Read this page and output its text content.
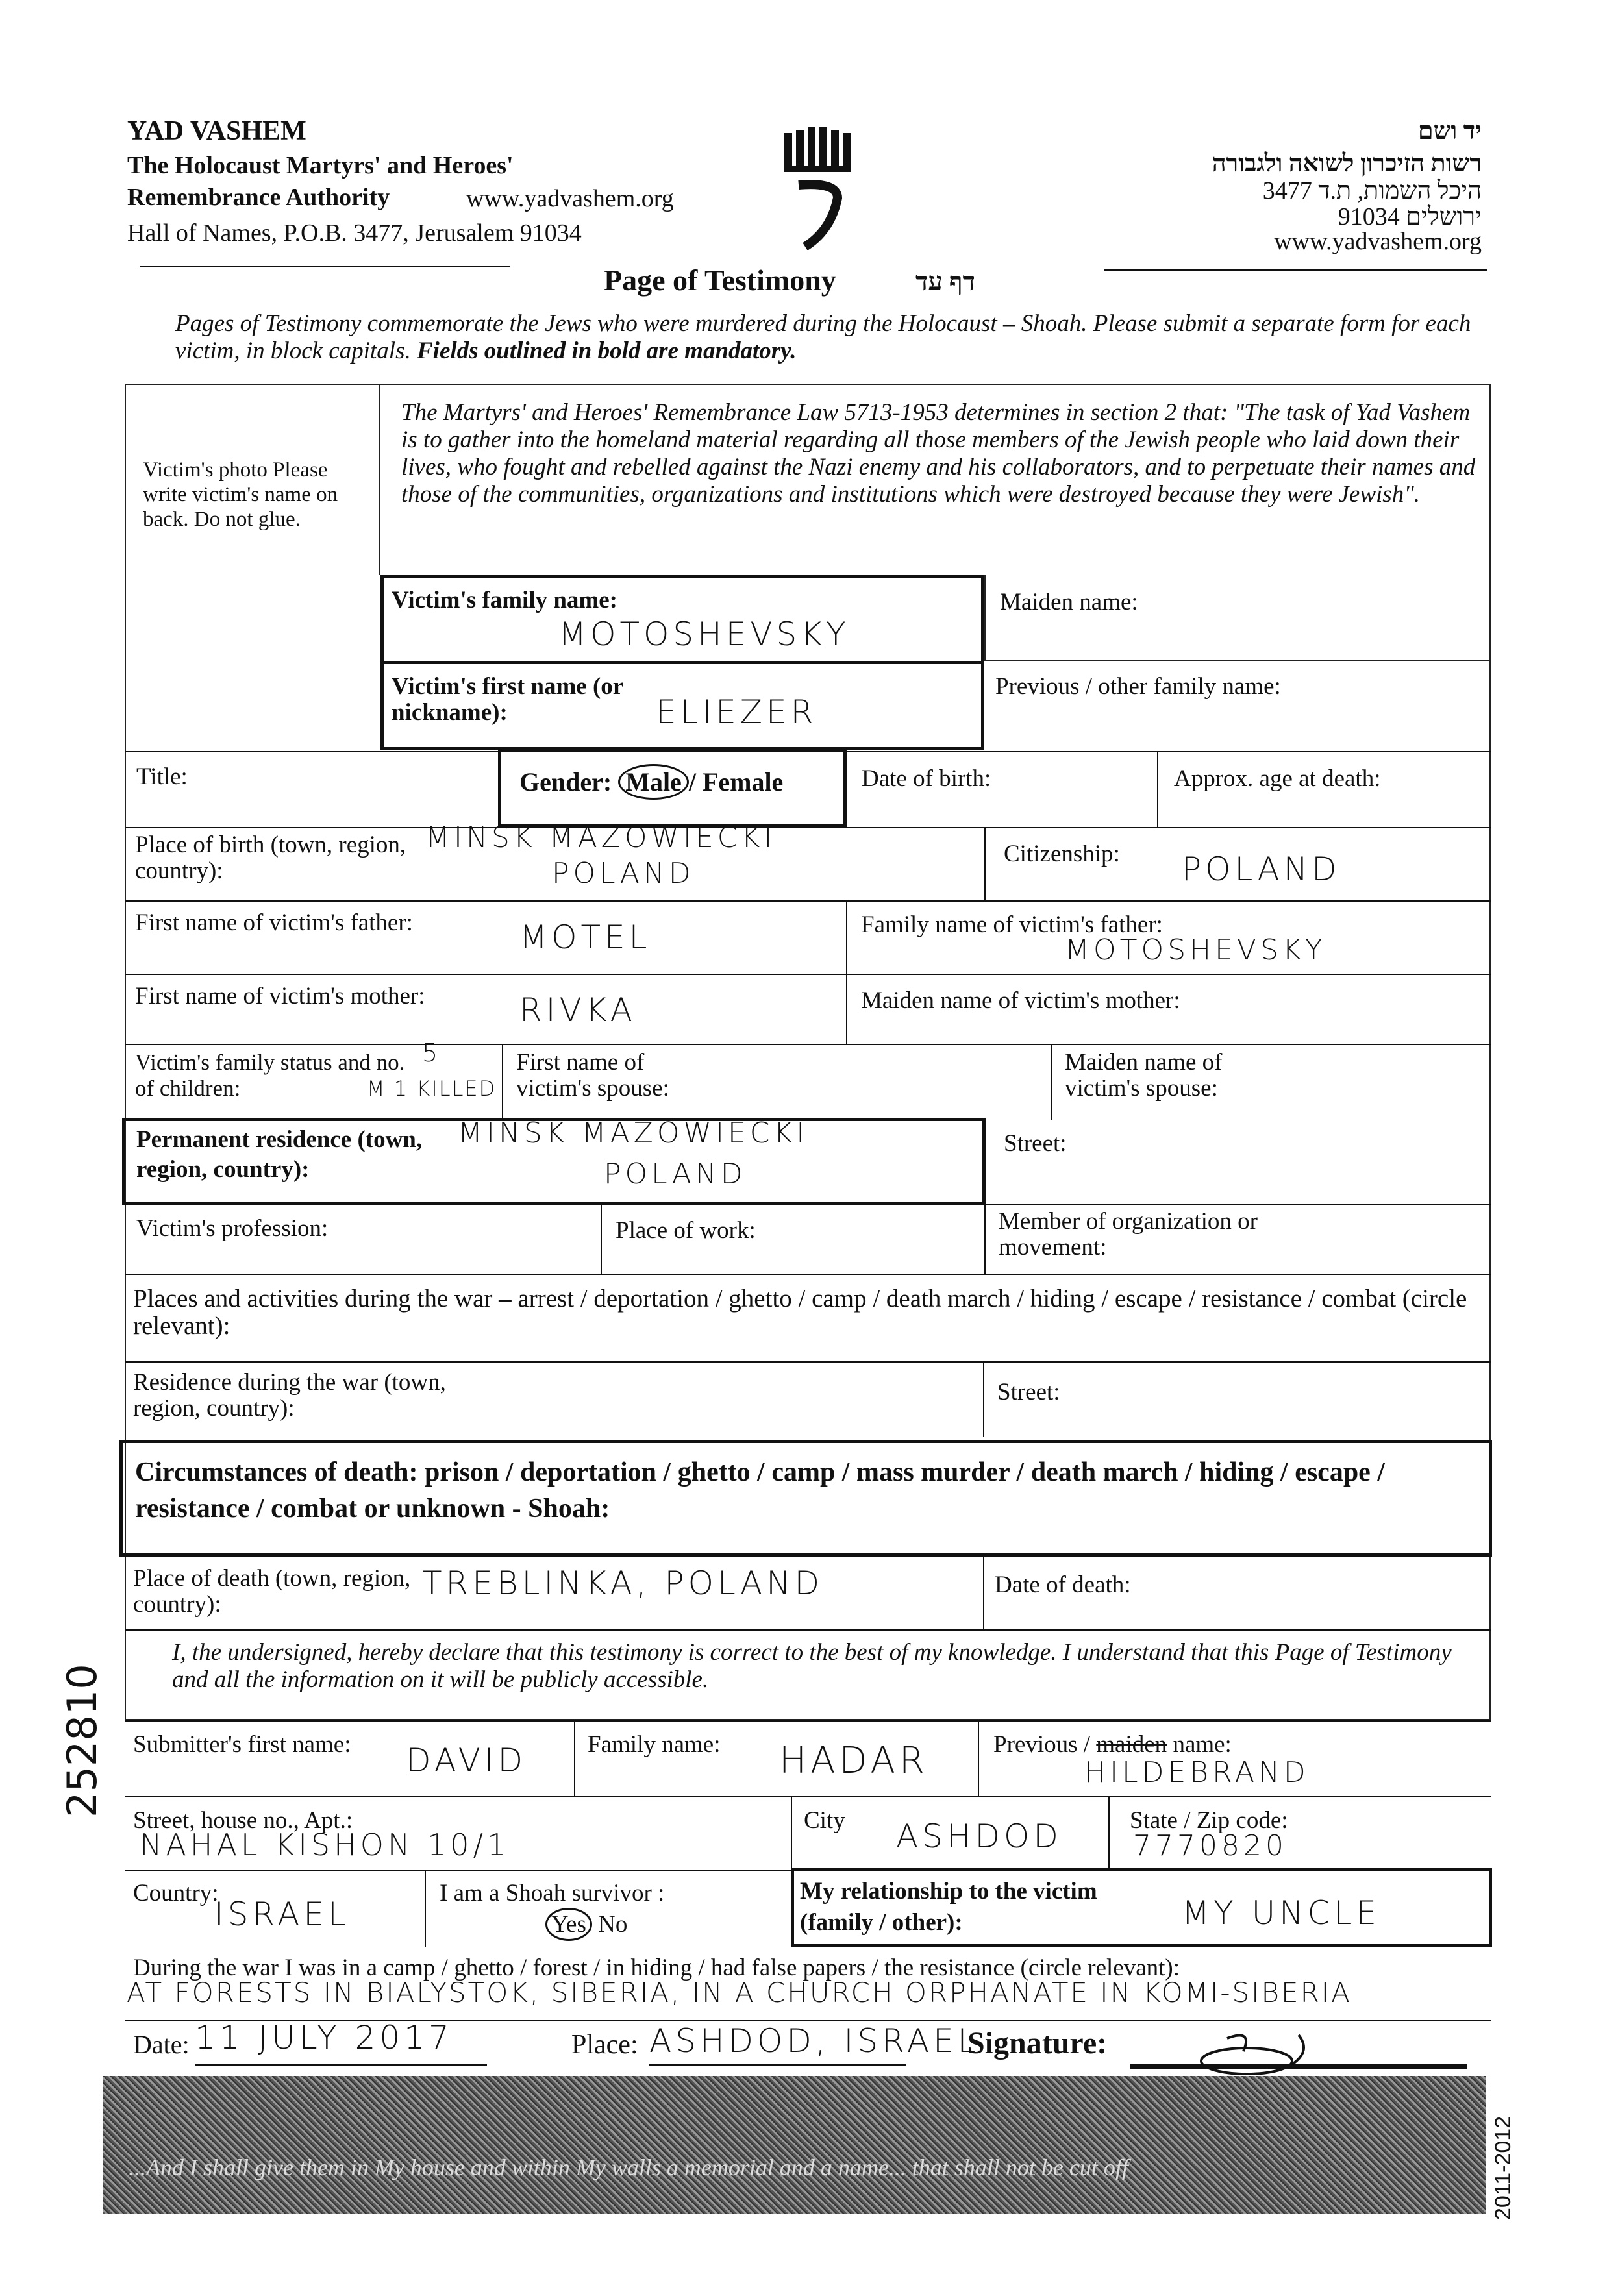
YAD VASHEM
The Holocaust Martyrs' and Heroes'
Remembrance Authority	www.yadvashem.org
Hall of Names, P.O.B. 3477, Jerusalem 91034
יד ושם
רשות הזיכרון לשואה ולגבורה
היכל השמות, ת.ד 3477
ירושלים 91034
www.yadvashem.org
Page of Testimony	דף עד
Pages of Testimony commemorate the Jews who were murdered during the Holocaust – Shoah. Please submit a separate form for each victim, in block capitals. Fields outlined in bold are mandatory.
Victim's photo Please write victim's name on back. Do not glue.
The Martyrs' and Heroes' Remembrance Law 5713-1953 determines in section 2 that: "The task of Yad Vashem is to gather into the homeland material regarding all those members of the Jewish people who laid down their lives, who fought and rebelled against the Nazi enemy and his collaborators, and to perpetuate their names and those of the communities, organizations and institutions which were destroyed because they were Jewish".
Victim's family name:
MOTOSHEVSKY
Victim's first name (or nickname):	ELIEZER
Maiden name:
Previous / other family name:
Title:	Gender: Male / Female	Date of birth:	Approx. age at death:
Place of birth (town, region, country):
MINSK MAZOWIECKI
POLAND
Citizenship: POLAND
First name of victim's father:	MOTEL	Family name of victim's father:
MOTOSHEVSKY
First name of victim's mother:	RIVKA	Maiden name of victim's mother:
Victim's family status and no. of children:
5
M 1 KILLED
First name of victim's spouse:
Maiden name of victim's spouse:
Permanent residence (town, region, country):
MINSK MAZOWIECKI
POLAND
Street:
Victim's profession:	Place of work:	Member of organization or movement:
Places and activities during the war – arrest / deportation / ghetto / camp / death march / hiding / escape / resistance / combat (circle relevant):
Residence during the war (town, region, country):
Street:
Circumstances of death: prison / deportation / ghetto / camp / mass murder / death march / hiding / escape / resistance / combat or unknown - Shoah:
Place of death (town, region, country):
TREBLINKA, POLAND	Date of death:
I, the undersigned, hereby declare that this testimony is correct to the best of my knowledge. I understand that this Page of Testimony and all the information on it will be publicly accessible.
Submitter's first name: DAVID	Family name: HADAR	Previous / maiden name:
HILDEBRAND
Street, house no., Apt.:
NAHAL KISHON 10/1
City ASHDOD	State / Zip code:
7770820
Country:
ISRAEL
I am a Shoah survivor :
Yes No
My relationship to the victim (family / other):	MY UNCLE
During the war I was in a camp / ghetto / forest / in hiding / had false papers / the resistance (circle relevant):
AT FORESTS IN BIALYSTOK, SIBERIA, IN A CHURCH ORPHANATE IN KOMI-SIBERIA
Date: 11 JULY 2017	Place: ASHDOD, ISRAEL
Signature:
...And I shall give them in My house and within My walls a memorial and a name... that shall not be cut off
252810
2011-2012
